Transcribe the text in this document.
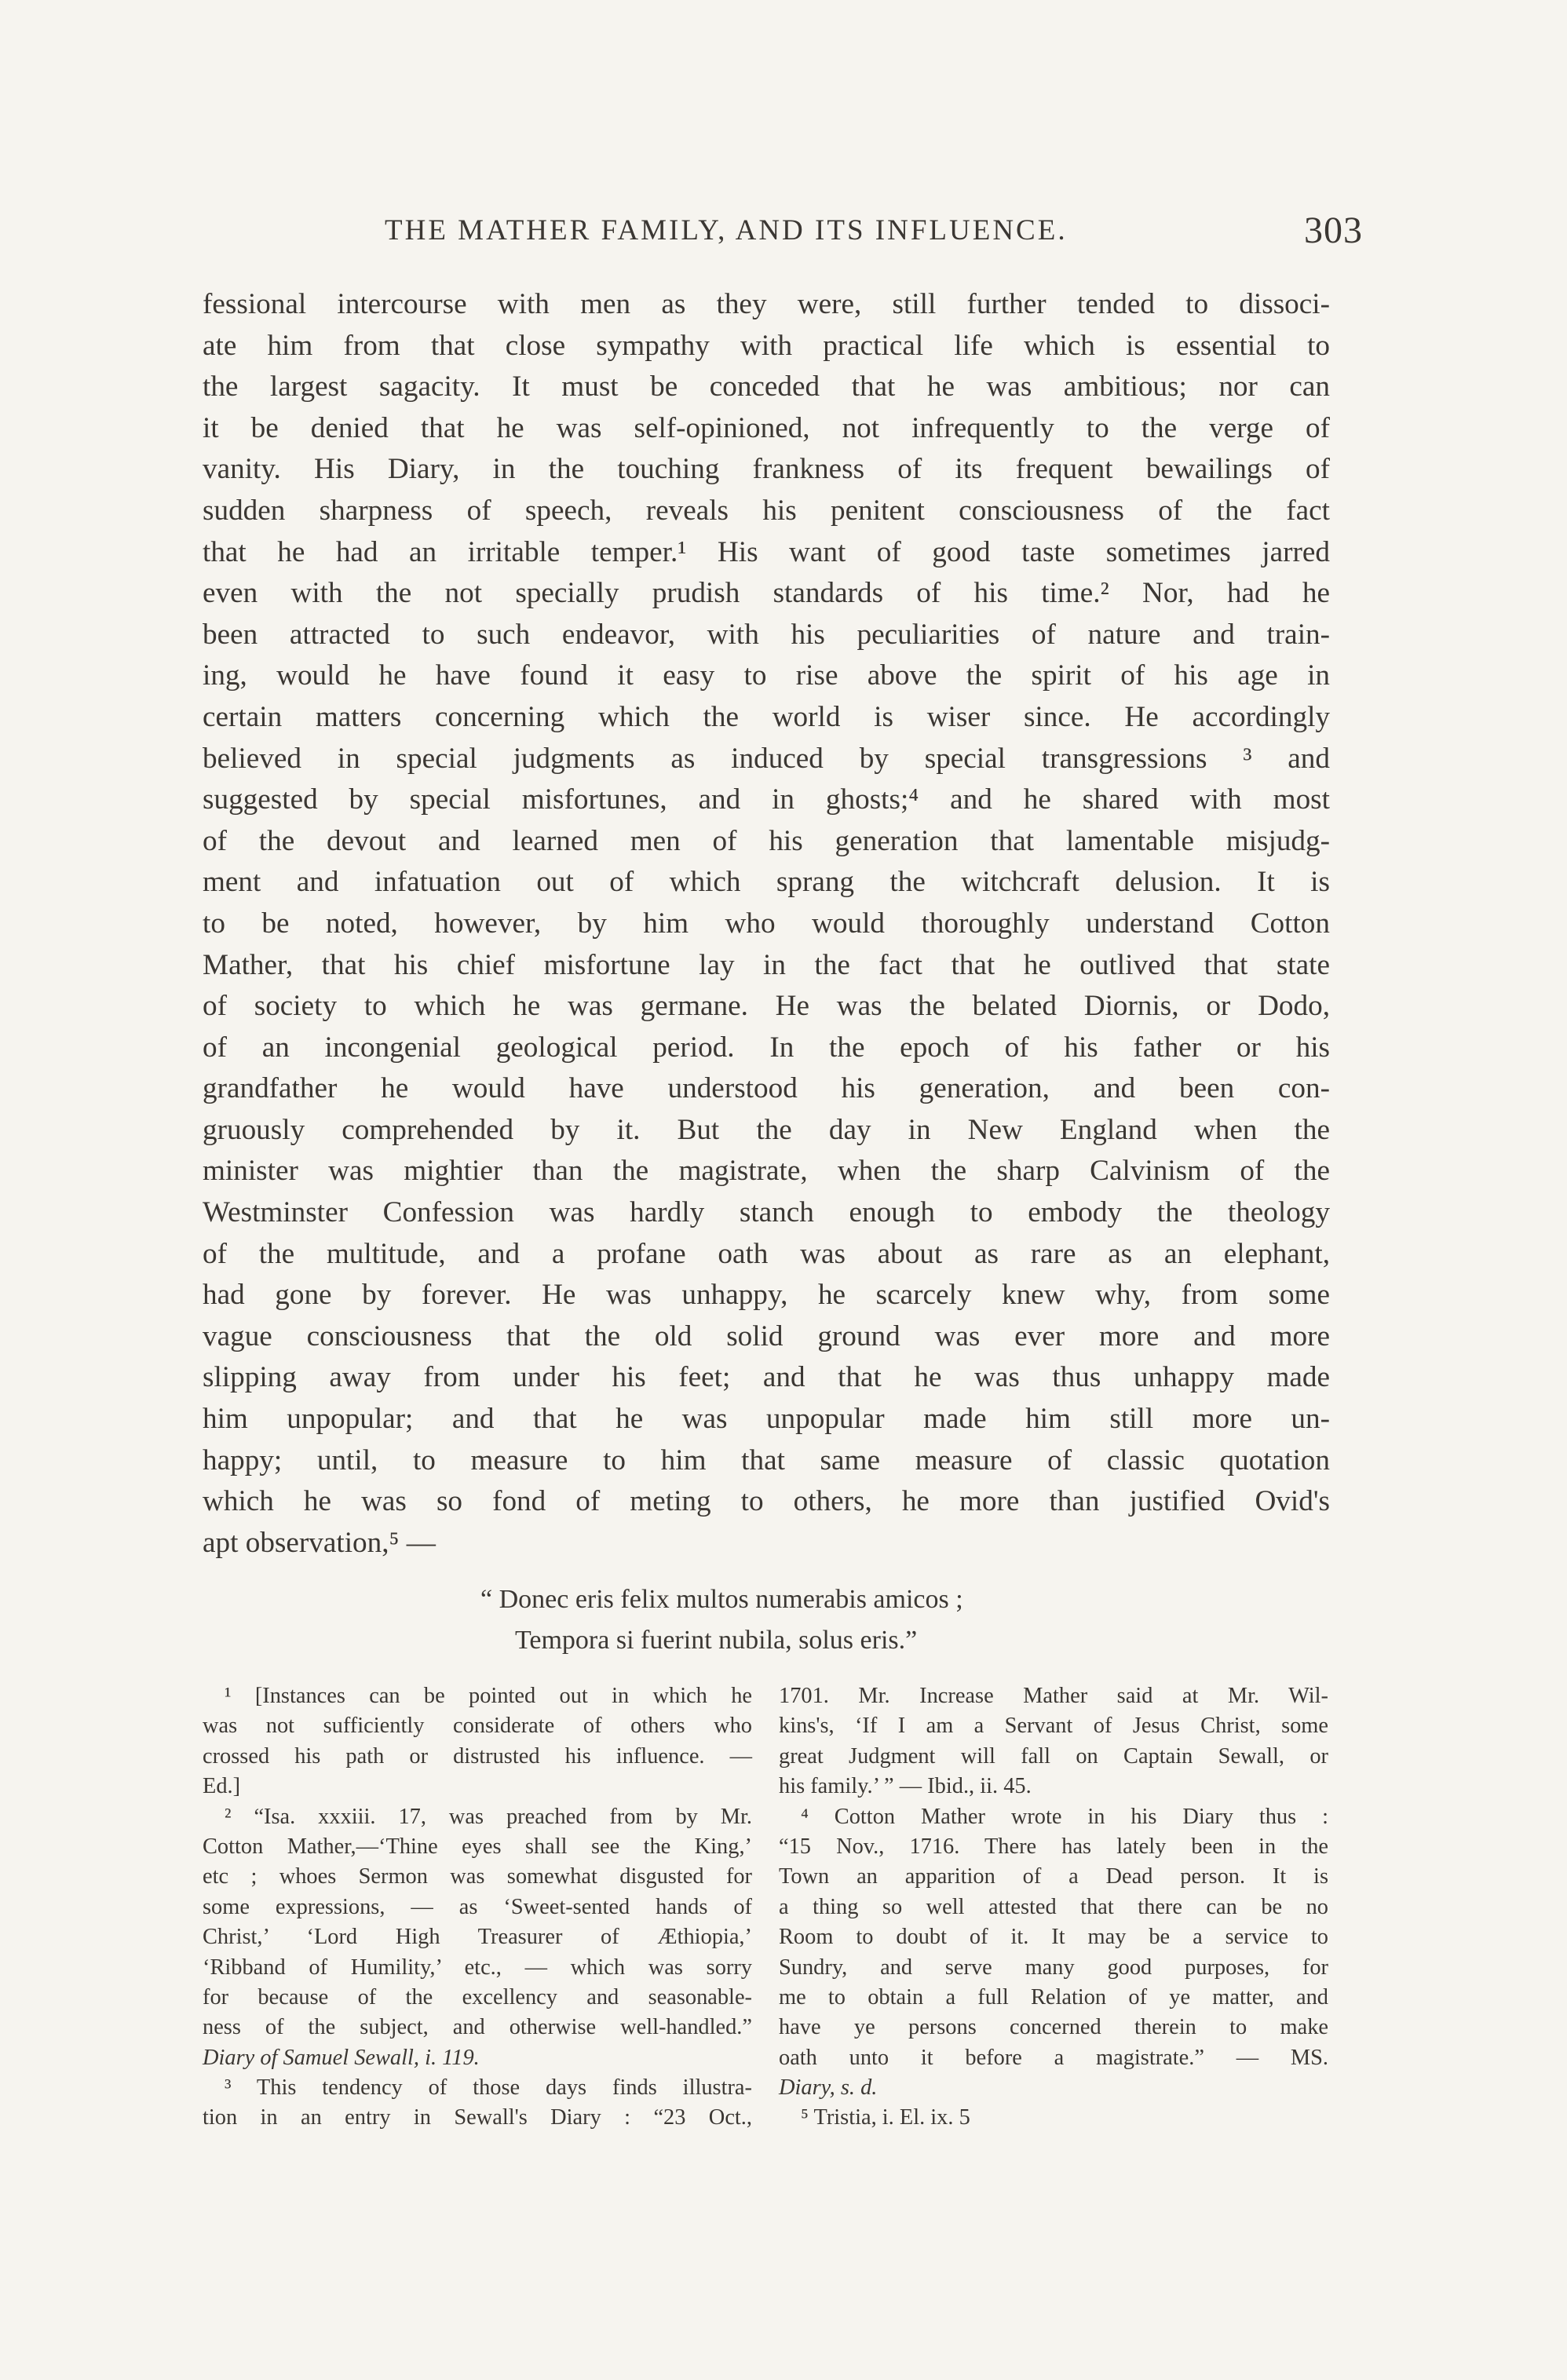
THE MATHER FAMILY, AND ITS INFLUENCE.	303
fessional intercourse with men as they were, still further tended to dissoci-
ate him from that close sympathy with practical life which is essential to
the largest sagacity. It must be conceded that he was ambitious; nor can
it be denied that he was self-opinioned, not infrequently to the verge of
vanity. His Diary, in the touching frankness of its frequent bewailings of
sudden sharpness of speech, reveals his penitent consciousness of the fact
that he had an irritable temper.¹ His want of good taste sometimes jarred
even with the not specially prudish standards of his time.² Nor, had he
been attracted to such endeavor, with his peculiarities of nature and train-
ing, would he have found it easy to rise above the spirit of his age in
certain matters concerning which the world is wiser since. He accordingly
believed in special judgments as induced by special transgressions ³ and
suggested by special misfortunes, and in ghosts;⁴ and he shared with most
of the devout and learned men of his generation that lamentable misjudg-
ment and infatuation out of which sprang the witchcraft delusion. It is
to be noted, however, by him who would thoroughly understand Cotton
Mather, that his chief misfortune lay in the fact that he outlived that state
of society to which he was germane. He was the belated Diornis, or Dodo,
of an incongenial geological period. In the epoch of his father or his
grandfather he would have understood his generation, and been con-
gruously comprehended by it. But the day in New England when the
minister was mightier than the magistrate, when the sharp Calvinism of the
Westminster Confession was hardly stanch enough to embody the theology
of the multitude, and a profane oath was about as rare as an elephant,
had gone by forever. He was unhappy, he scarcely knew why, from some
vague consciousness that the old solid ground was ever more and more
slipping away from under his feet; and that he was thus unhappy made
him unpopular; and that he was unpopular made him still more un-
happy; until, to measure to him that same measure of classic quotation
which he was so fond of meting to others, he more than justified Ovid's
apt observation,⁵ —
“ Donec eris felix multos numerabis amicos ;
Tempora si fuerint nubila, solus eris.”
¹ [Instances can be pointed out in which he
was not sufficiently considerate of others who
crossed his path or distrusted his influence. —
Ed.]
² “Isa. xxxiii. 17, was preached from by Mr.
Cotton Mather,—‘Thine eyes shall see the King,’
etc ; whoes Sermon was somewhat disgusted for
some expressions, — as ‘Sweet-sented hands of
Christ,’ ‘Lord High Treasurer of Æthiopia,’
‘Ribband of Humility,’ etc., — which was sorry
for because of the excellency and seasonable-
ness of the subject, and otherwise well-handled.”
Diary of Samuel Sewall, i. 119.
³ This tendency of those days finds illustra-
tion in an entry in Sewall's Diary : “23 Oct.,
1701. Mr. Increase Mather said at Mr. Wil-
kins's, ‘If I am a Servant of Jesus Christ, some
great Judgment will fall on Captain Sewall, or
his family.’ ” — Ibid., ii. 45.
⁴ Cotton Mather wrote in his Diary thus :
“15 Nov., 1716. There has lately been in the
Town an apparition of a Dead person. It is
a thing so well attested that there can be no
Room to doubt of it. It may be a service to
Sundry, and serve many good purposes, for
me to obtain a full Relation of ye matter, and
have ye persons concerned therein to make
oath unto it before a magistrate.” — MS.
Diary, s. d.
⁵ Tristia, i. El. ix. 5
